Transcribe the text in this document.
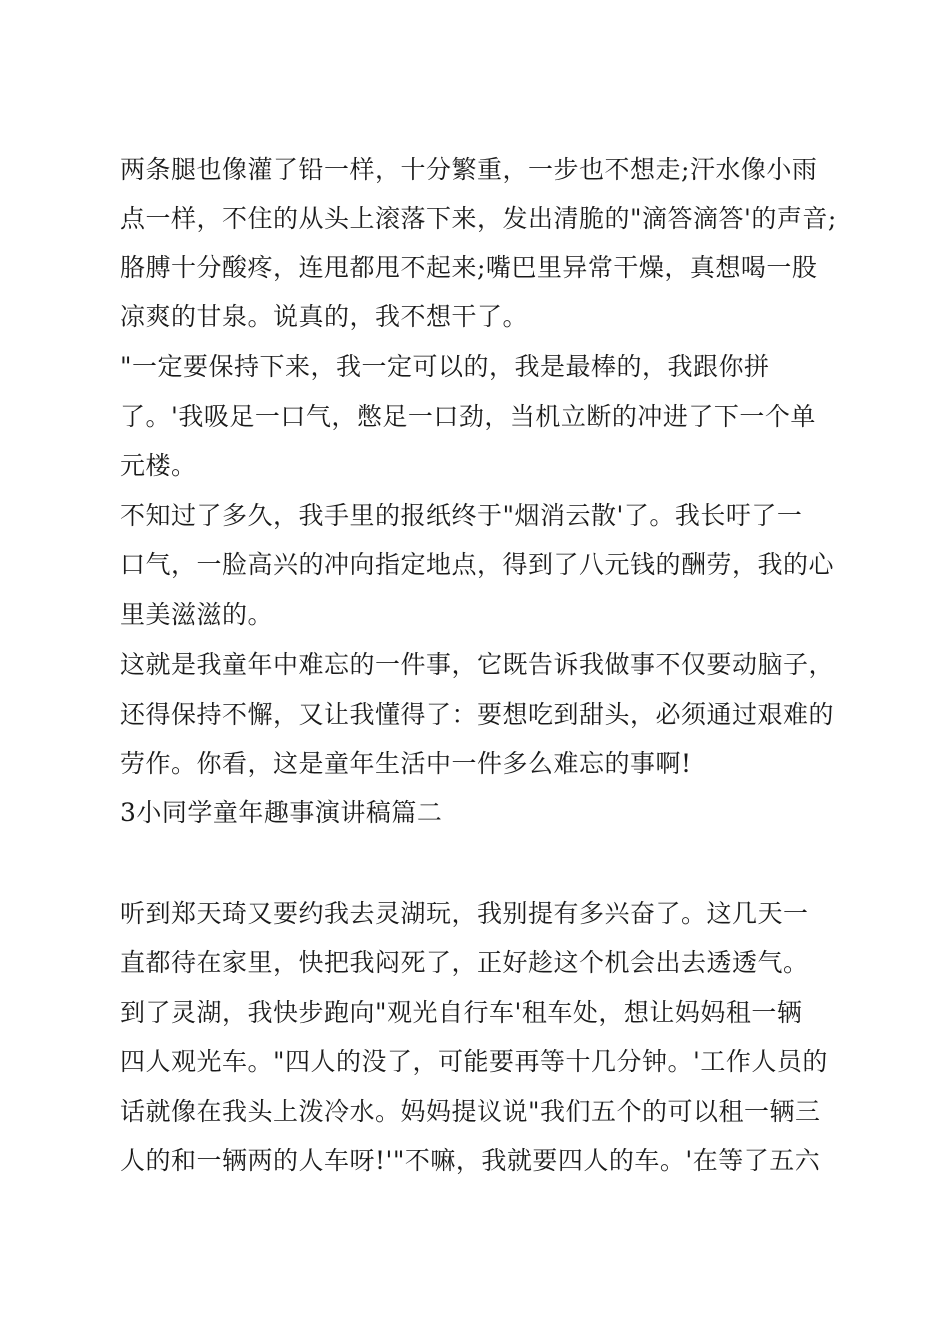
两条腿也像灌了铅一样，十分繁重，一步也不想走;汗水像小雨
点一样，不住的从头上滚落下来，发出清脆的"滴答滴答'的声音;
胳膊十分酸疼，连甩都甩不起来;嘴巴里异常干燥，真想喝一股
凉爽的甘泉。说真的，我不想干了。
"一定要保持下来，我一定可以的，我是最棒的，我跟你拼
了。'我吸足一口气，憋足一口劲，当机立断的冲进了下一个单
元楼。
不知过了多久，我手里的报纸终于"烟消云散'了。我长吁了一
口气，一脸高兴的冲向指定地点，得到了八元钱的酬劳，我的心
里美滋滋的。
这就是我童年中难忘的一件事，它既告诉我做事不仅要动脑子，
还得保持不懈，又让我懂得了：要想吃到甜头，必须通过艰难的
劳作。你看，这是童年生活中一件多么难忘的事啊!
3小同学童年趣事演讲稿篇二
听到郑天琦又要约我去灵湖玩，我别提有多兴奋了。这几天一
直都待在家里，快把我闷死了，正好趁这个机会出去透透气。
到了灵湖，我快步跑向"观光自行车'租车处，想让妈妈租一辆
四人观光车。"四人的没了，可能要再等十几分钟。'工作人员的
话就像在我头上泼冷水。妈妈提议说"我们五个的可以租一辆三
人的和一辆两的人车呀!'"不嘛，我就要四人的车。'在等了五六
